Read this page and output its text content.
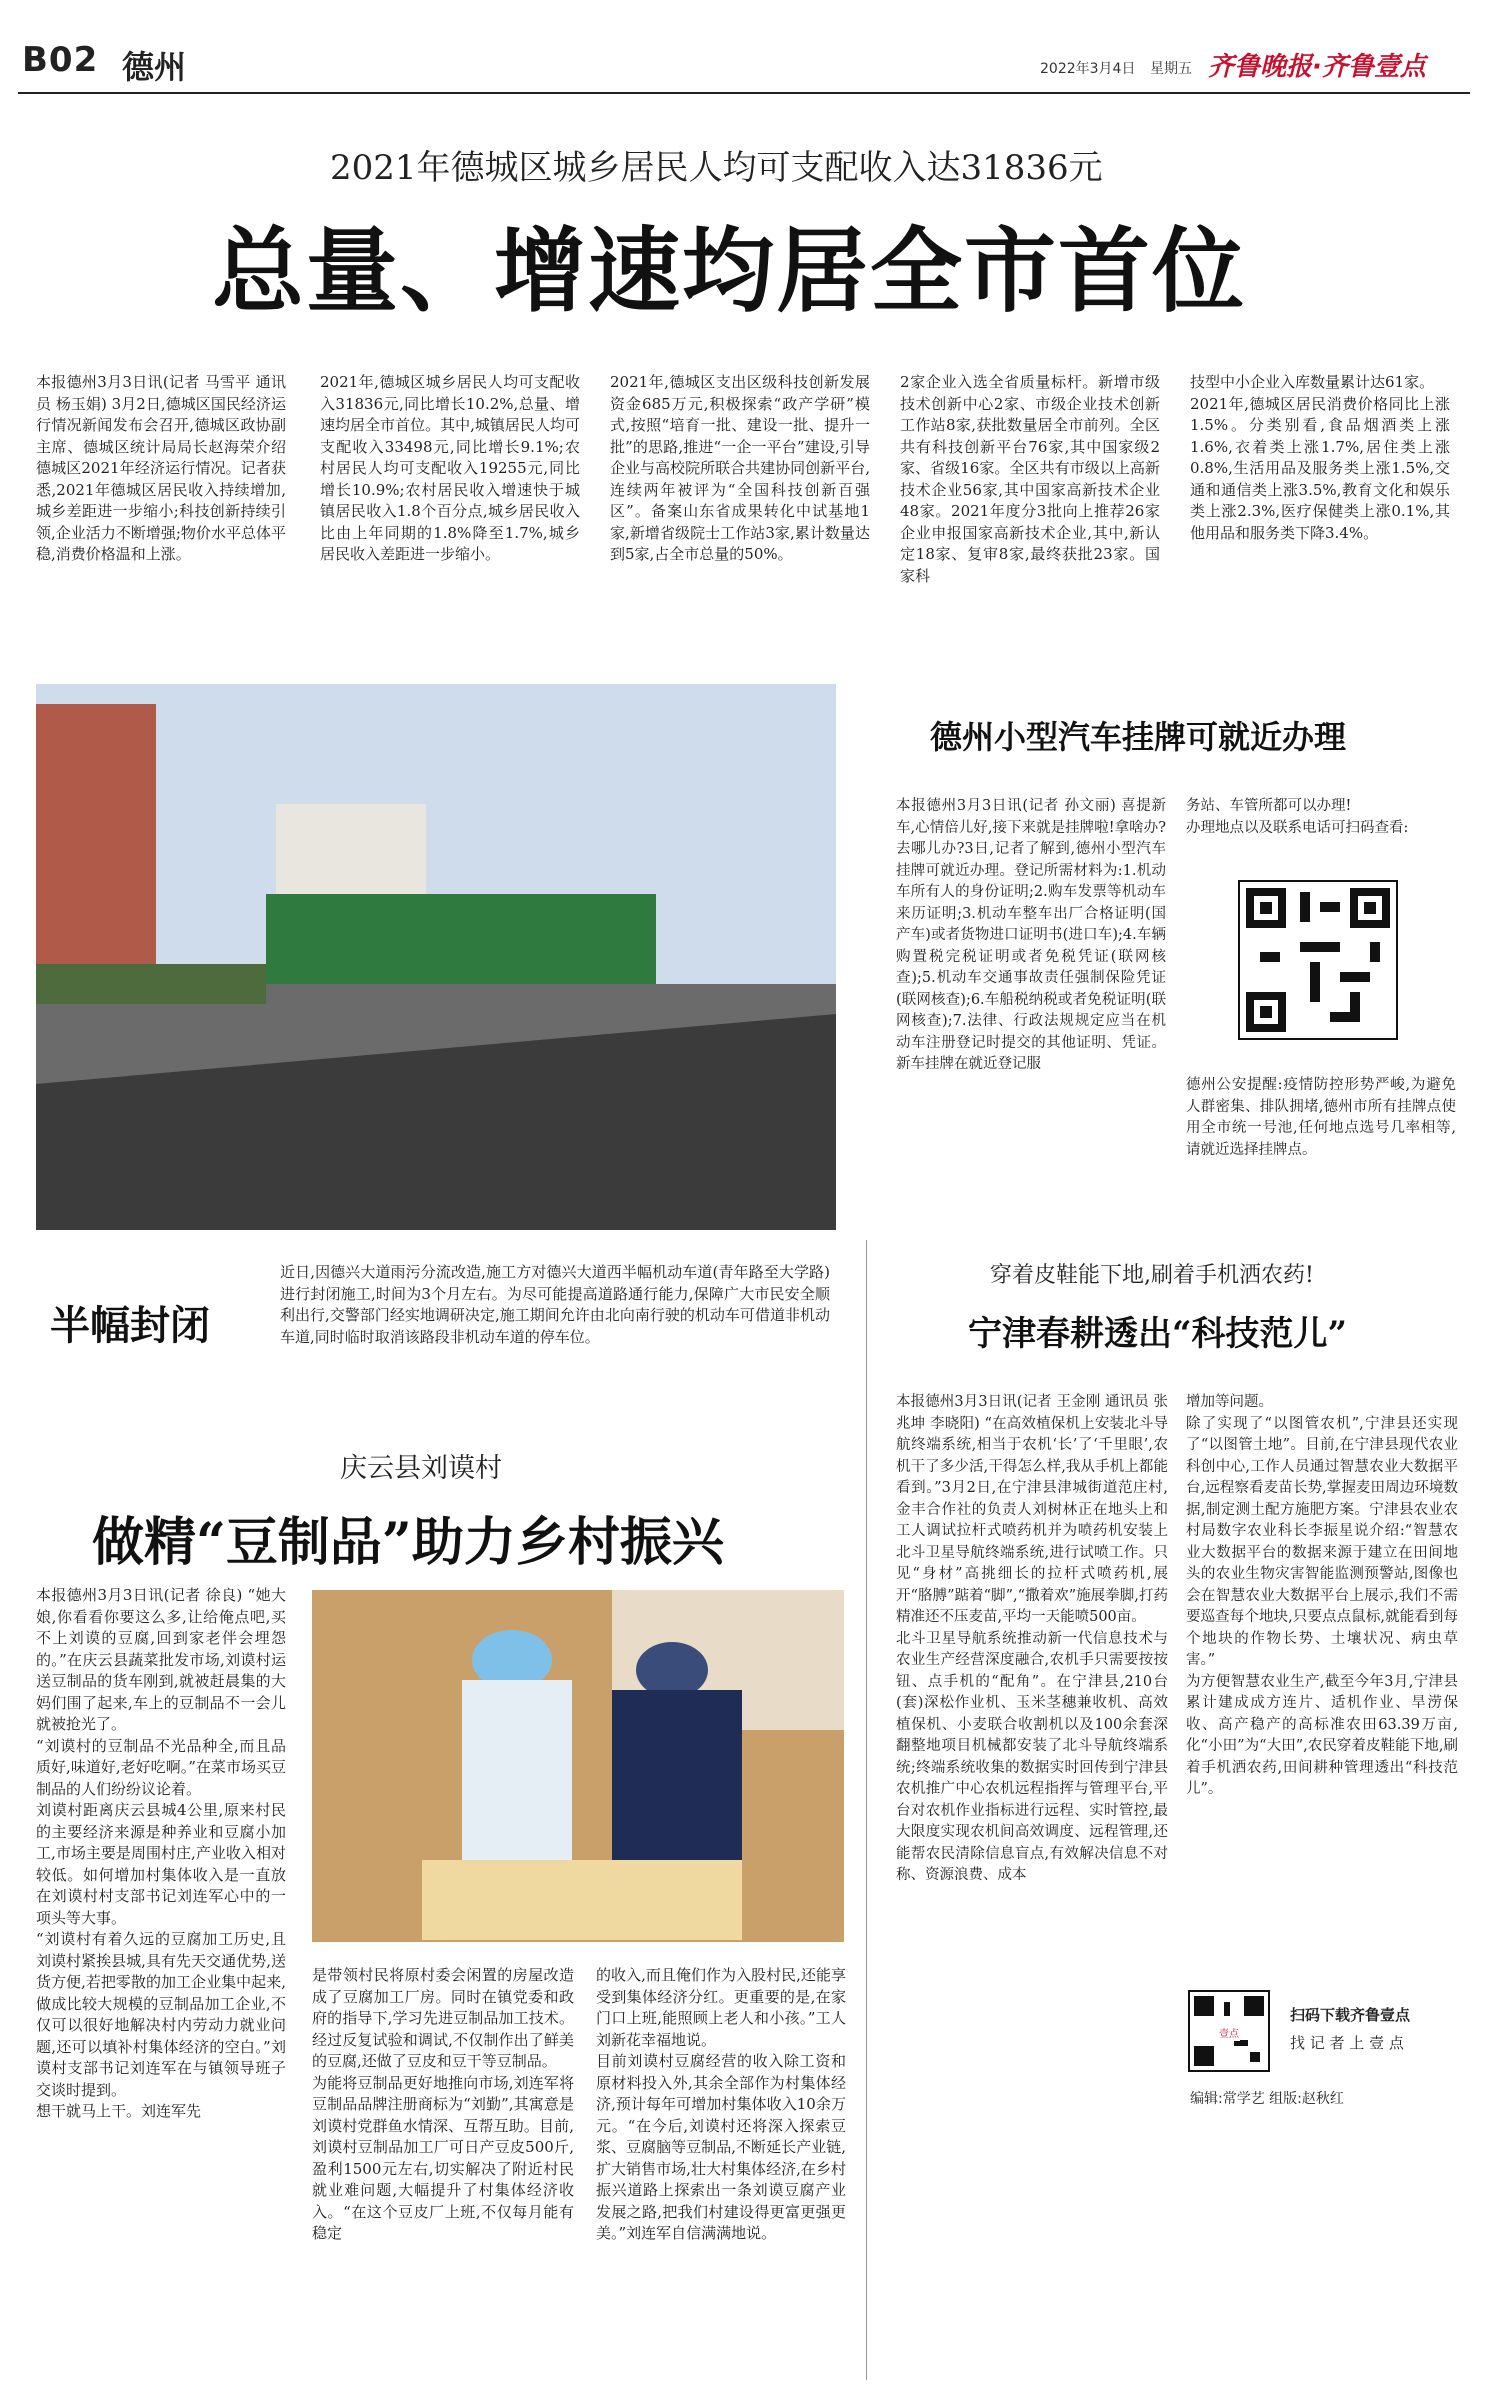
B02 德州	2022年3月4日 星期五 齐鲁晚报·齐鲁壹点
2021年德城区城乡居民人均可支配收入达31836元
总量、增速均居全市首位
本报德州3月3日讯(记者 马雪平 通讯员 杨玉娟) 3月2日,德城区国民经济运行情况新闻发布会召开,德城区政协副主席、德城区统计局局长赵海荣介绍德城区2021年经济运行情况。记者获悉,2021年德城区居民收入持续增加,城乡差距进一步缩小;科技创新持续引领,企业活力不断增强;物价水平总体平稳,消费价格温和上涨。
2021年,德城区城乡居民人均可支配收入31836元,同比增长10.2%,总量、增速均居全市首位。其中,城镇居民人均可支配收入33498元,同比增长9.1%;农村居民人均可支配收入19255元,同比增长10.9%;农村居民收入增速快于城镇居民收入1.8个百分点,城乡居民收入比由上年同期的1.8%降至1.7%,城乡居民收入差距进一步缩小。
2021年,德城区支出区级科技创新发展资金685万元,积极探索“政产学研”模式,按照“培育一批、建设一批、提升一批”的思路,推进“一企一平台”建设,引导企业与高校院所联合共建协同创新平台,连续两年被评为“全国科技创新百强区”。备案山东省成果转化中试基地1家,新增省级院士工作站3家,累计数量达到5家,占全市总量的50%。
2家企业入选全省质量标杆。新增市级技术创新中心2家、市级企业技术创新工作站8家,获批数量居全市前列。全区共有科技创新平台76家,其中国家级2家、省级16家。全区共有市级以上高新技术企业56家,其中国家高新技术企业48家。2021年度分3批向上推荐26家企业申报国家高新技术企业,其中,新认定18家、复审8家,最终获批23家。国家科
技型中小企业入库数量累计达61家。
2021年,德城区居民消费价格同比上涨1.5%。分类别看,食品烟酒类上涨1.6%,衣着类上涨1.7%,居住类上涨0.8%,生活用品及服务类上涨1.5%,交通和通信类上涨3.5%,教育文化和娱乐类上涨2.3%,医疗保健类上涨0.1%,其他用品和服务类下降3.4%。
德州小型汽车挂牌可就近办理
本报德州3月3日讯(记者 孙文丽) 喜提新车,心情倍儿好,接下来就是挂牌啦!拿啥办?去哪儿办?3日,记者了解到,德州小型汽车挂牌可就近办理。登记所需材料为:1.机动车所有人的身份证明;2.购车发票等机动车来历证明;3.机动车整车出厂合格证明(国产车)或者货物进口证明书(进口车);4.车辆购置税完税证明或者免税凭证(联网核查);5.机动车交通事故责任强制保险凭证(联网核查);6.车船税纳税或者免税证明(联网核查);7.法律、行政法规规定应当在机动车注册登记时提交的其他证明、凭证。新车挂牌在就近登记服
务站、车管所都可以办理!
办理地点以及联系电话可扫码查看:
德州公安提醒:疫情防控形势严峻,为避免人群密集、排队拥堵,德州市所有挂牌点使用全市统一号池,任何地点选号几率相等,请就近选择挂牌点。
半幅封闭
近日,因德兴大道雨污分流改造,施工方对德兴大道西半幅机动车道(青年路至大学路)进行封闭施工,时间为3个月左右。为尽可能提高道路通行能力,保障广大市民安全顺利出行,交警部门经实地调研决定,施工期间允许由北向南行驶的机动车可借道非机动车道,同时临时取消该路段非机动车道的停车位。
庆云县刘谟村
做精“豆制品”助力乡村振兴
本报德州3月3日讯(记者 徐良) “她大娘,你看看你要这么多,让给俺点吧,买不上刘谟的豆腐,回到家老伴会埋怨的。”在庆云县蔬菜批发市场,刘谟村运送豆制品的货车刚到,就被赶晨集的大妈们围了起来,车上的豆制品不一会儿就被抢光了。
“刘谟村的豆制品不光品种全,而且品质好,味道好,老好吃啊。”在菜市场买豆制品的人们纷纷议论着。
刘谟村距离庆云县城4公里,原来村民的主要经济来源是种养业和豆腐小加工,市场主要是周围村庄,产业收入相对较低。如何增加村集体收入是一直放在刘谟村村支部书记刘连军心中的一项头等大事。
“刘谟村有着久远的豆腐加工历史,且刘谟村紧挨县城,具有先天交通优势,送货方便,若把零散的加工企业集中起来,做成比较大规模的豆制品加工企业,不仅可以很好地解决村内劳动力就业问题,还可以填补村集体经济的空白。”刘谟村支部书记刘连军在与镇领导班子交谈时提到。
想干就马上干。刘连军先
是带领村民将原村委会闲置的房屋改造成了豆腐加工厂房。同时在镇党委和政府的指导下,学习先进豆制品加工技术。经过反复试验和调试,不仅制作出了鲜美的豆腐,还做了豆皮和豆干等豆制品。
为能将豆制品更好地推向市场,刘连军将豆制品品牌注册商标为“刘勤”,其寓意是刘谟村党群鱼水情深、互帮互助。目前,刘谟村豆制品加工厂可日产豆皮500斤,盈利1500元左右,切实解决了附近村民就业难问题,大幅提升了村集体经济收入。“在这个豆皮厂上班,不仅每月能有稳定
的收入,而且俺们作为入股村民,还能享受到集体经济分红。更重要的是,在家门口上班,能照顾上老人和小孩。”工人刘新花幸福地说。
目前刘谟村豆腐经营的收入除工资和原材料投入外,其余全部作为村集体经济,预计每年可增加村集体收入10余万元。“在今后,刘谟村还将深入探索豆浆、豆腐脑等豆制品,不断延长产业链,扩大销售市场,壮大村集体经济,在乡村振兴道路上探索出一条刘谟豆腐产业发展之路,把我们村建设得更富更强更美。”刘连军自信满满地说。
穿着皮鞋能下地,刷着手机洒农药!
宁津春耕透出“科技范儿”
本报德州3月3日讯(记者 王金刚 通讯员 张兆坤 李晓阳) “在高效植保机上安装北斗导航终端系统,相当于农机‘长’了‘千里眼’,农机干了多少活,干得怎么样,我从手机上都能看到。”3月2日,在宁津县津城街道范庄村,金丰合作社的负责人刘树林正在地头上和工人调试拉杆式喷药机并为喷药机安装上北斗卫星导航终端系统,进行试喷工作。只见“身材”高挑细长的拉杆式喷药机,展开“胳膊”踮着“脚”,“撒着欢”施展拳脚,打药精准还不压麦苗,平均一天能喷500亩。
北斗卫星导航系统推动新一代信息技术与农业生产经营深度融合,农机手只需要按按钮、点手机的“配角”。在宁津县,210台(套)深松作业机、玉米茎穗兼收机、高效植保机、小麦联合收割机以及100余套深翻整地项目机械都安装了北斗导航终端系统;终端系统收集的数据实时回传到宁津县农机推广中心农机远程指挥与管理平台,平台对农机作业指标进行远程、实时管控,最大限度实现农机间高效调度、远程管理,还能帮农民清除信息盲点,有效解决信息不对称、资源浪费、成本
增加等问题。
除了实现了“以图管农机”,宁津县还实现了“以图管土地”。目前,在宁津县现代农业科创中心,工作人员通过智慧农业大数据平台,远程察看麦苗长势,掌握麦田周边环境数据,制定测土配方施肥方案。宁津县农业农村局数字农业科长李振星说介绍:“智慧农业大数据平台的数据来源于建立在田间地头的农业生物灾害智能监测预警站,图像也会在智慧农业大数据平台上展示,我们不需要巡查每个地块,只要点点鼠标,就能看到每个地块的作物长势、土壤状况、病虫草害。”
为方便智慧农业生产,截至今年3月,宁津县累计建成成方连片、适机作业、旱涝保收、高产稳产的高标准农田63.39万亩,化“小田”为“大田”,农民穿着皮鞋能下地,刷着手机洒农药,田间耕种管理透出“科技范儿”。
壹点
扫码下载齐鲁壹点
找 记 者 上 壹 点
编辑:常学艺 组版:赵秋红
